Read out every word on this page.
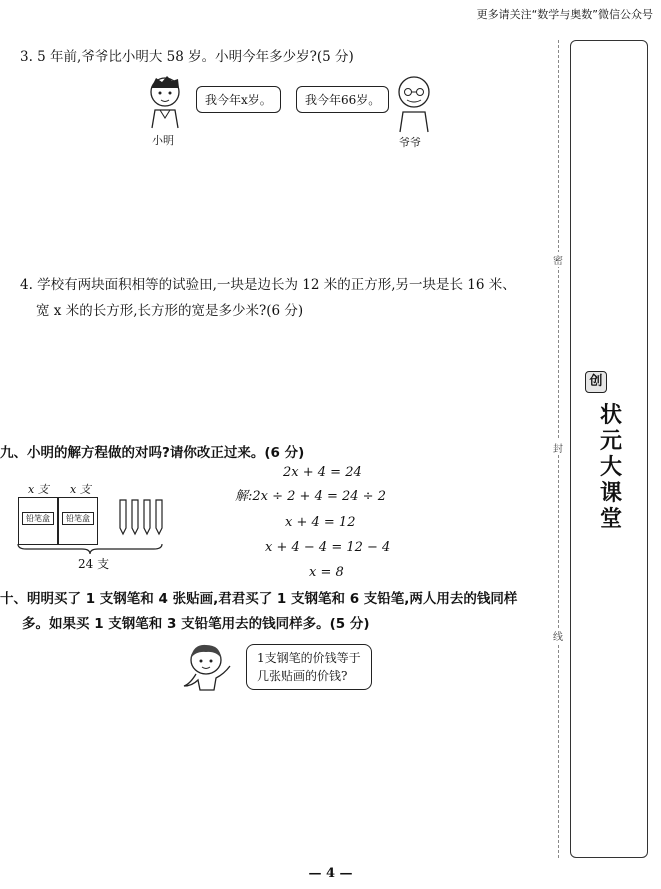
更多请关注“数学与奥数”微信公众号
3. 5 年前,爷爷比小明大 58 岁。小明今年多少岁?(5 分)
小明
我今年x岁。	我今年66岁。
爷爷
4. 学校有两块面积相等的试验田,一块是边长为 12 米的正方形,另一块是长 16 米、
宽 x 米的长方形,长方形的宽是多少米?(6 分)
九、小明的解方程做的对吗?请你改正过来。(6 分)
x 支 x 支
铅笔盒	铅笔盒
24 支
2x + 4 = 24
解:2x ÷ 2 + 4 = 24 ÷ 2
x + 4 = 12
x + 4 − 4 = 12 − 4
x = 8
十、明明买了 1 支钢笔和 4 张贴画,君君买了 1 支钢笔和 6 支铅笔,两人用去的钱同样
多。如果买 1 支钢笔和 3 支铅笔用去的钱同样多。(5 分)
1支钢笔的价钱等于
几张贴画的价钱?
密
封
线
创
状元大课堂
— 4 —
